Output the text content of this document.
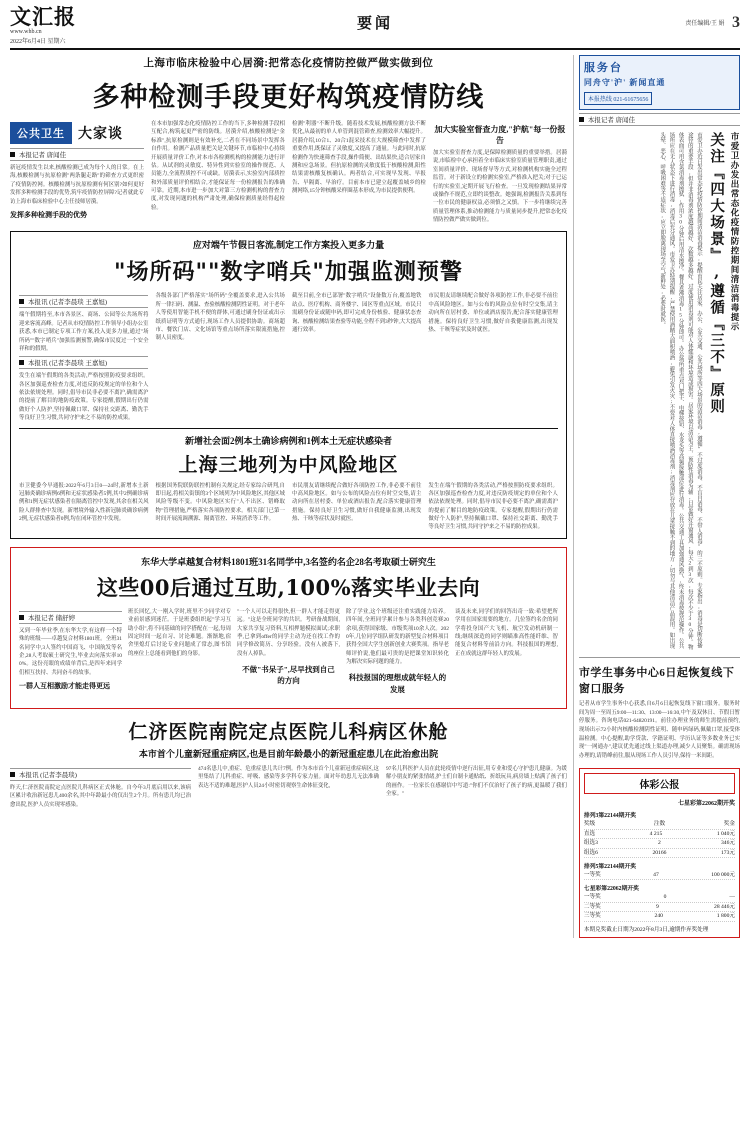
文汇报
www.whb.cn
2022年6月4日 星期六
要闻	责任编辑/王 娟 3
上海市临床检验中心居漪:把常态化疫情防控做严做实做到位
多种检测手段更好构筑疫情防线
公共卫生 大家谈
本报记者 唐闻佳
新冠疫情发生以来,核酸检测已成为每个人的日常。在上海,核酸检测与抗原检测"两条腿走路"的筛查方式更织密了疫情防控网。核酸检测与抗原检测有何区别?如何更好发挥多种检测手段的优势,筑牢疫情防控屏障?记者就此专访上海市临床检验中心主任技师居漪。
发挥多种检测手段的优势
在本市加强常态化疫情防控工作的当下,多种检测手段相互配合,构筑起更严密的防线。居漪介绍,核酸检测是"金标准",抗原检测则是有效补充,二者在不同场景中发挥各自作用。检测产品质量把关是关键环节,市临检中心持续开展质量评价工作,对本市各检测机构的检测能力进行评估。从试剂的灵敏度、特异性到实验室的操作规范、人员能力,全流程质控不可或缺。居漪表示,实验室内部质控和外部质量评价相结合,才能保证每一份检测报告的准确可靠。近期,本市进一步加大对第三方检测机构的督查力度,对发现问题的机构严肃处理,确保检测质量经得起检验。
检测"利器"不断升级。随着技术发展,核酸检测方法不断优化,从最初的单人单管到混管筛查,检测效率大幅提升。居漪介绍,10合1、20合1混采技术在大规模筛查中发挥了重要作用,既保证了灵敏度,又提高了通量。与此同时,抗原检测作为快速筛查手段,操作简便、出结果快,适合居家自测和应急场景。但抗原检测的灵敏度低于核酸检测,阳性结果需核酸复核确认。两者结合,可实现早发现、早报告、早隔离、早治疗。目前本市已建立起覆盖城乡的检测网络,15分钟核酸采样圈基本形成,为市民提供便利。
加大实验室督查力度,"护航"每一份报告
加大实验室督查力度,是保障检测质量的重要举措。居漪说,市临检中心承担着全市临床实验室质量管理职责,通过室间质量评价、现场督导等方式,对检测机构实施全过程监管。对于新设立的检测实验室,严格准入把关;对于已运行的实验室,定期开展飞行检查。一旦发现检测结果异常或操作不规范,立即约谈整改。她强调,检测报告关系到每一位市民的健康权益,必须慎之又慎。下一步将继续完善质量管理体系,推动检测能力与质量同步提升,把常态化疫情防控做严做实做到位。
应对端午节假日客流,制定工作方案投入更多力量
"场所码""数字哨兵"加强监测预警
本报讯 (记者李晨琰 王嘉旭)
端午假期将至,本市各景区、商场、公园等公共场所将迎来客流高峰。记者从市疫情防控工作领导小组办公室获悉,本市已制定专项工作方案,投入更多力量,通过"场所码""数字哨兵"加强监测预警,确保市民度过一个安全祥和的假期。
本报讯 (记者李晨琰 王嘉旭)
发生在端午假期的各类活动,严格按照防疫要求组织。各区加强巡查检查力度,对违反防疫规定的单位和个人依法依规处理。同时,倡导市民非必要不离沪,确需离沪的提前了解目的地防疫政策。专家提醒,假期出行仍需做好个人防护,坚持佩戴口罩、保持社交距离、勤洗手等良好卫生习惯,共同守护来之不易的防控成果。
各级各部门严格落实"场所码"全覆盖要求,进入公共场所一律扫码、测温、查验核酸检测阴性证明。对于老年人等使用智能手机不便的群体,可通过刷身份证或出示纸质证明等方式通行,现场工作人员提供协助。商场超市、餐饮门店、文化场馆等重点场所落实限流措施,控制人员密度。
截至目前,全市已部署"数字哨兵"设备数万台,覆盖地铁站点、医疗机构、商务楼宇、园区等重点区域。市民只需刷身份证或随申码,即可完成身份核验、健康状态查询、核酸检测结果查验等功能,全程不到3秒钟,大大提高通行效率。
市民朋友请继续配合做好各项防控工作,非必要不前往中高风险地区。如与公布的风险点位有时空交集,请主动向所在居村委、单位或酒店报告,配合落实健康管理措施。保持良好卫生习惯,做好自我健康监测,出现发热、干咳等症状及时就医。
新增社会面2例本土确诊病例和1例本土无症状感染者
上海三地列为中风险地区
市卫健委今早通报:2022年6月3日0—24时,新增本土新冠肺炎确诊病例6例和无症状感染者5例,其中2例确诊病例和1例无症状感染者在隔离管控中发现,其余在相关风险人群排查中发现。新增境外输入性新冠肺炎确诊病例2例,无症状感染者0例,均在闭环管控中发现。
根据国务院联防联控机制有关规定,经专家综合研判,自即日起,将相关街镇的3个区域列为中风险地区,其他区域风险等级不变。中风险地区实行"人不出区、错峰取物"管理措施,严格落实各项防控要求。相关部门已第一时间开展流调溯源、隔离管控、环境消杀等工作。
市民朋友请继续配合做好各项防控工作,非必要不前往中高风险地区。如与公布的风险点位有时空交集,请主动向所在居村委、单位或酒店报告,配合落实健康管理措施。保持良好卫生习惯,做好自我健康监测,出现发热、干咳等症状及时就医。
发生在端午假期的各类活动,严格按照防疫要求组织。各区加强巡查检查力度,对违反防疫规定的单位和个人依法依规处理。同时,倡导市民非必要不离沪,确需离沪的提前了解目的地防疫政策。专家提醒,假期出行仍需做好个人防护,坚持佩戴口罩、保持社交距离、勤洗手等良好卫生习惯,共同守护来之不易的防控成果。
东华大学卓越复合材料1801班31名同学中,3名签约名企28名考取硕士研究生
这些00后通过互助,100%落实毕业去向
本报记者 储舒婷
又到一年毕业季,在东华大学,有这样一个特殊的班级——卓越复合材料1801班。全班31名同学中,3人签约中国商飞、中国航发等名企,28人考取硕士研究生,毕业去向落实率100%。这份亮眼的成绩单背后,是四年来同学们相互扶持、共同奋斗的故事。
一群人互相激励才能走得更远
班长回忆,大一刚入学时,班里不少同学对专业前景感到迷茫。于是班委组织起"学习互助小组",将不同基础的同学搭配在一起,每周固定时间一起自习、讨论难题。渐渐地,宿舍里熄灯后讨论专业问题成了常态,图书馆的座位上总能看到他们的身影。
"一个人可以走得很快,但一群人才能走得更远。"这是全班同学的共识。考研备战期间,大家共享复习资料,互相押题模拟面试;求职季,已拿到offer的同学主动为还在找工作的同学修改简历、分享经验。没有人被落下,没有人掉队。
不做"书呆子",尽早找到自己的方向
除了学业,这个班级还注重实践能力培养。四年间,全班同学累计参与各类科创竞赛20余项,获得国家级、市级奖项10余人次。2020年,几位同学组队研发的新型复合材料项目获得全国大学生创新创业大赛奖项。指导老师评价说,他们最可贵的是把课堂知识转化为解决实际问题的能力。
科技报国的理想成就年轻人的发展
谈及未来,同学们的回答出奇一致:希望把所学用在国家需要的地方。几位签约名企的同学将投身国产大飞机、航空发动机研制一线;继续深造的同学则瞄准高性能纤维、智能复合材料等前沿方向。科技报国的理想,正在成就这群年轻人的发展。
仁济医院南院定点医院儿科病区休舱
本市首个儿童新冠重症病区,也是目前年龄最小的新冠重症患儿在此治愈出院
本报讯 (记者李晨琰)
昨天,仁济医院南院定点医院儿科病区正式休舱。自今年3月底启用以来,该病区累计收治新冠患儿400余名,其中年龄最小的仅出生2个月。所有患儿均已治愈出院,医护人员实现零感染。
474名患儿中,重症、危重症患儿共计7例。作为本市首个儿童新冠重症病区,这里集结了儿科重症、呼吸、感染等多学科专家力量。面对年幼患儿无法准确表达不适的难题,医护人员24小时密切观察生命体征变化,
97名儿科医护人员在此轮疫情中逆行出征,用专业和爱心守护患儿健康。为缓解小朋友的紧张情绪,护士们自制卡通贴纸、折纸玩具,病房墙上贴满了孩子们的画作。一位家长在感谢信中写道:"你们不仅治好了孩子的病,更温暖了我们全家。"
服务台
同舟守'沪' 新闻直通
本报热线 021-61675656
本报记者 唐闻佳
市爱卫办发出常态化疫情防控期间清洁消毒提示
关注『四大场景』,遵循『三不』原则
市爱卫办近日发出常态化疫情防控期间清洁消毒提示,提醒市民关注居家、办公、公共交通、公共场所等四大场景的清洁消毒,遵循"不过度消毒、不盲目消毒、不带人消毒"的三不原则。专家指出,消毒是切断传播途径的重要手段,但并非消毒剂浓度越高越好、次数越多越好。过度使用消毒剂可能对人体健康和环境造成损害。居家环境以清洁为主、预防性消毒为辅,日常做好开窗通风,每天2到3次,每次不少于30分钟。物体表面可用含氯消毒剂擦拭,作用30分钟后用清水擦净。餐具煮沸消毒15分钟即可。办公场所重点对门把手、电梯按钮、水龙头等高频接触部位进行消毒。公共交通工具加强通风换气,终末消毒按规范操作。公共场所应在无人状态下进行消毒,消毒后充分通风。市爱卫办特别提醒,严禁使用酒精大面积喷洒,避免引发火灾;不要对人体直接喷洒消毒剂;消毒剂应存放在儿童接触不到的地方,切勿与其他清洁产品混用。如出现头晕、恶心、呼吸困难等不适症状,应立即脱离现场至空气新鲜处,必要时就医。
市学生事务中心6日起恢复线下窗口服务
记者从市学生事务中心获悉,自6月6日起恢复线下窗口服务。服务时间为周一至周五9:00—11:30、13:00—16:30,中午及双休日、节假日暂停服务。咨询电话021-64820191。前往办理业务的师生需提前预约,现场出示72小时内核酸检测阴性证明、随申码绿码,佩戴口罩,接受体温检测。中心提醒,助学贷款、学籍证明、学历认证等多数业务已实现"一网通办",建议优先通过线上渠道办理,减少人员聚集。确需现场办理的,请错峰前往,服从现场工作人员引导,保持一米间距。
体彩公报
七星彩第22062期开奖
排列3第22144期开奖
奖级	注数	奖金
直选	4 215	1 040元
组选3	2	346元
组选6	20166	173元
排列5第22144期开奖
一等奖	47	100 000元
七星彩第22062期开奖
一等奖	0	—
二等奖	9	28 446元
三等奖	240	1 800元
本期兑奖截止日期为2022年8月3日,逾期作弃奖处理
